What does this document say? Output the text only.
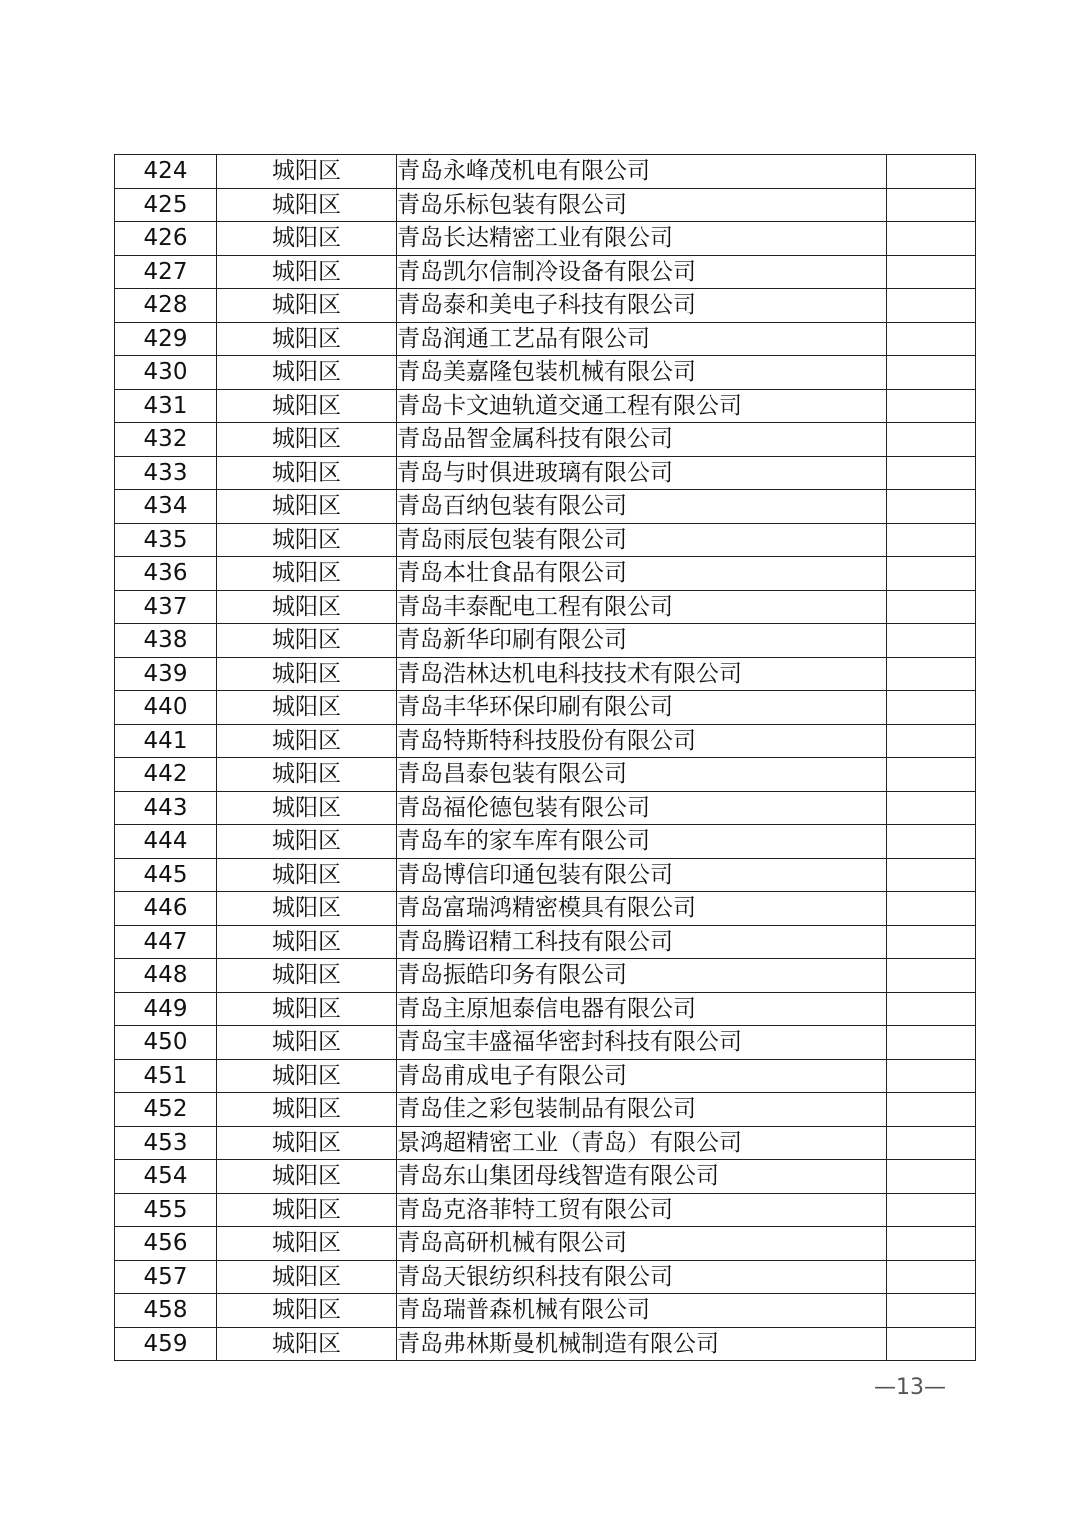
424	城阳区	青岛永峰茂机电有限公司	
425	城阳区	青岛乐标包装有限公司	
426	城阳区	青岛长达精密工业有限公司	
427	城阳区	青岛凯尔信制冷设备有限公司	
428	城阳区	青岛泰和美电子科技有限公司	
429	城阳区	青岛润通工艺品有限公司	
430	城阳区	青岛美嘉隆包装机械有限公司	
431	城阳区	青岛卡文迪轨道交通工程有限公司	
432	城阳区	青岛品智金属科技有限公司	
433	城阳区	青岛与时俱进玻璃有限公司	
434	城阳区	青岛百纳包装有限公司	
435	城阳区	青岛雨辰包装有限公司	
436	城阳区	青岛本壮食品有限公司	
437	城阳区	青岛丰泰配电工程有限公司	
438	城阳区	青岛新华印刷有限公司	
439	城阳区	青岛浩林达机电科技技术有限公司	
440	城阳区	青岛丰华环保印刷有限公司	
441	城阳区	青岛特斯特科技股份有限公司	
442	城阳区	青岛昌泰包装有限公司	
443	城阳区	青岛福伦德包装有限公司	
444	城阳区	青岛车的家车库有限公司	
445	城阳区	青岛博信印通包装有限公司	
446	城阳区	青岛富瑞鸿精密模具有限公司	
447	城阳区	青岛腾诏精工科技有限公司	
448	城阳区	青岛振皓印务有限公司	
449	城阳区	青岛主原旭泰信电器有限公司	
450	城阳区	青岛宝丰盛福华密封科技有限公司	
451	城阳区	青岛甫成电子有限公司	
452	城阳区	青岛佳之彩包装制品有限公司	
453	城阳区	景鸿超精密工业（青岛）有限公司	
454	城阳区	青岛东山集团母线智造有限公司	
455	城阳区	青岛克洛菲特工贸有限公司	
456	城阳区	青岛高研机械有限公司	
457	城阳区	青岛天银纺织科技有限公司	
458	城阳区	青岛瑞普森机械有限公司	
459	城阳区	青岛弗林斯曼机械制造有限公司	
—13—
